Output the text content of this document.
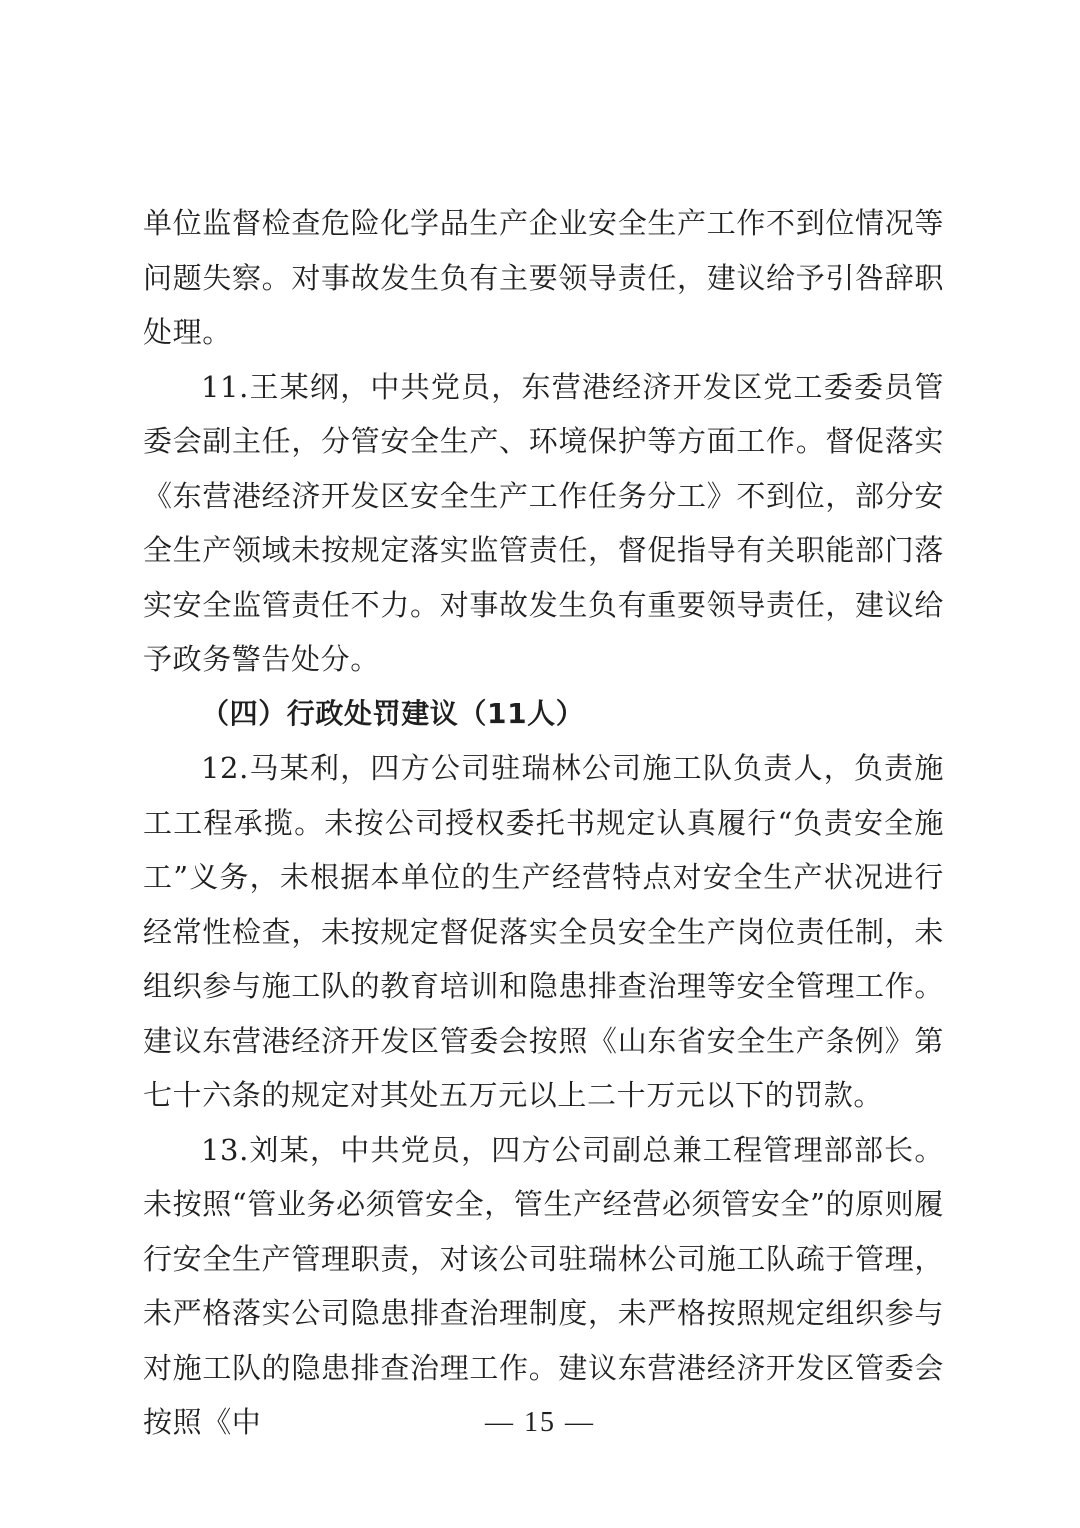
单位监督检查危险化学品生产企业安全生产工作不到位情况等问题失察。对事故发生负有主要领导责任，建议给予引咎辞职处理。

11.王某纲，中共党员，东营港经济开发区党工委委员管委会副主任，分管安全生产、环境保护等方面工作。督促落实《东营港经济开发区安全生产工作任务分工》不到位，部分安全生产领域未按规定落实监管责任，督促指导有关职能部门落实安全监管责任不力。对事故发生负有重要领导责任，建议给予政务警告处分。

（四）行政处罚建议（11人）

12.马某利，四方公司驻瑞林公司施工队负责人，负责施工工程承揽。未按公司授权委托书规定认真履行“负责安全施工”义务，未根据本单位的生产经营特点对安全生产状况进行经常性检查，未按规定督促落实全员安全生产岗位责任制，未组织参与施工队的教育培训和隐患排查治理等安全管理工作。建议东营港经济开发区管委会按照《山东省安全生产条例》第七十六条的规定对其处五万元以上二十万元以下的罚款。

13.刘某，中共党员，四方公司副总兼工程管理部部长。未按照“管业务必须管安全，管生产经营必须管安全”的原则履行安全生产管理职责，对该公司驻瑞林公司施工队疏于管理，未严格落实公司隐患排查治理制度，未严格按照规定组织参与对施工队的隐患排查治理工作。建议东营港经济开发区管委会按照《中	— 15 —
